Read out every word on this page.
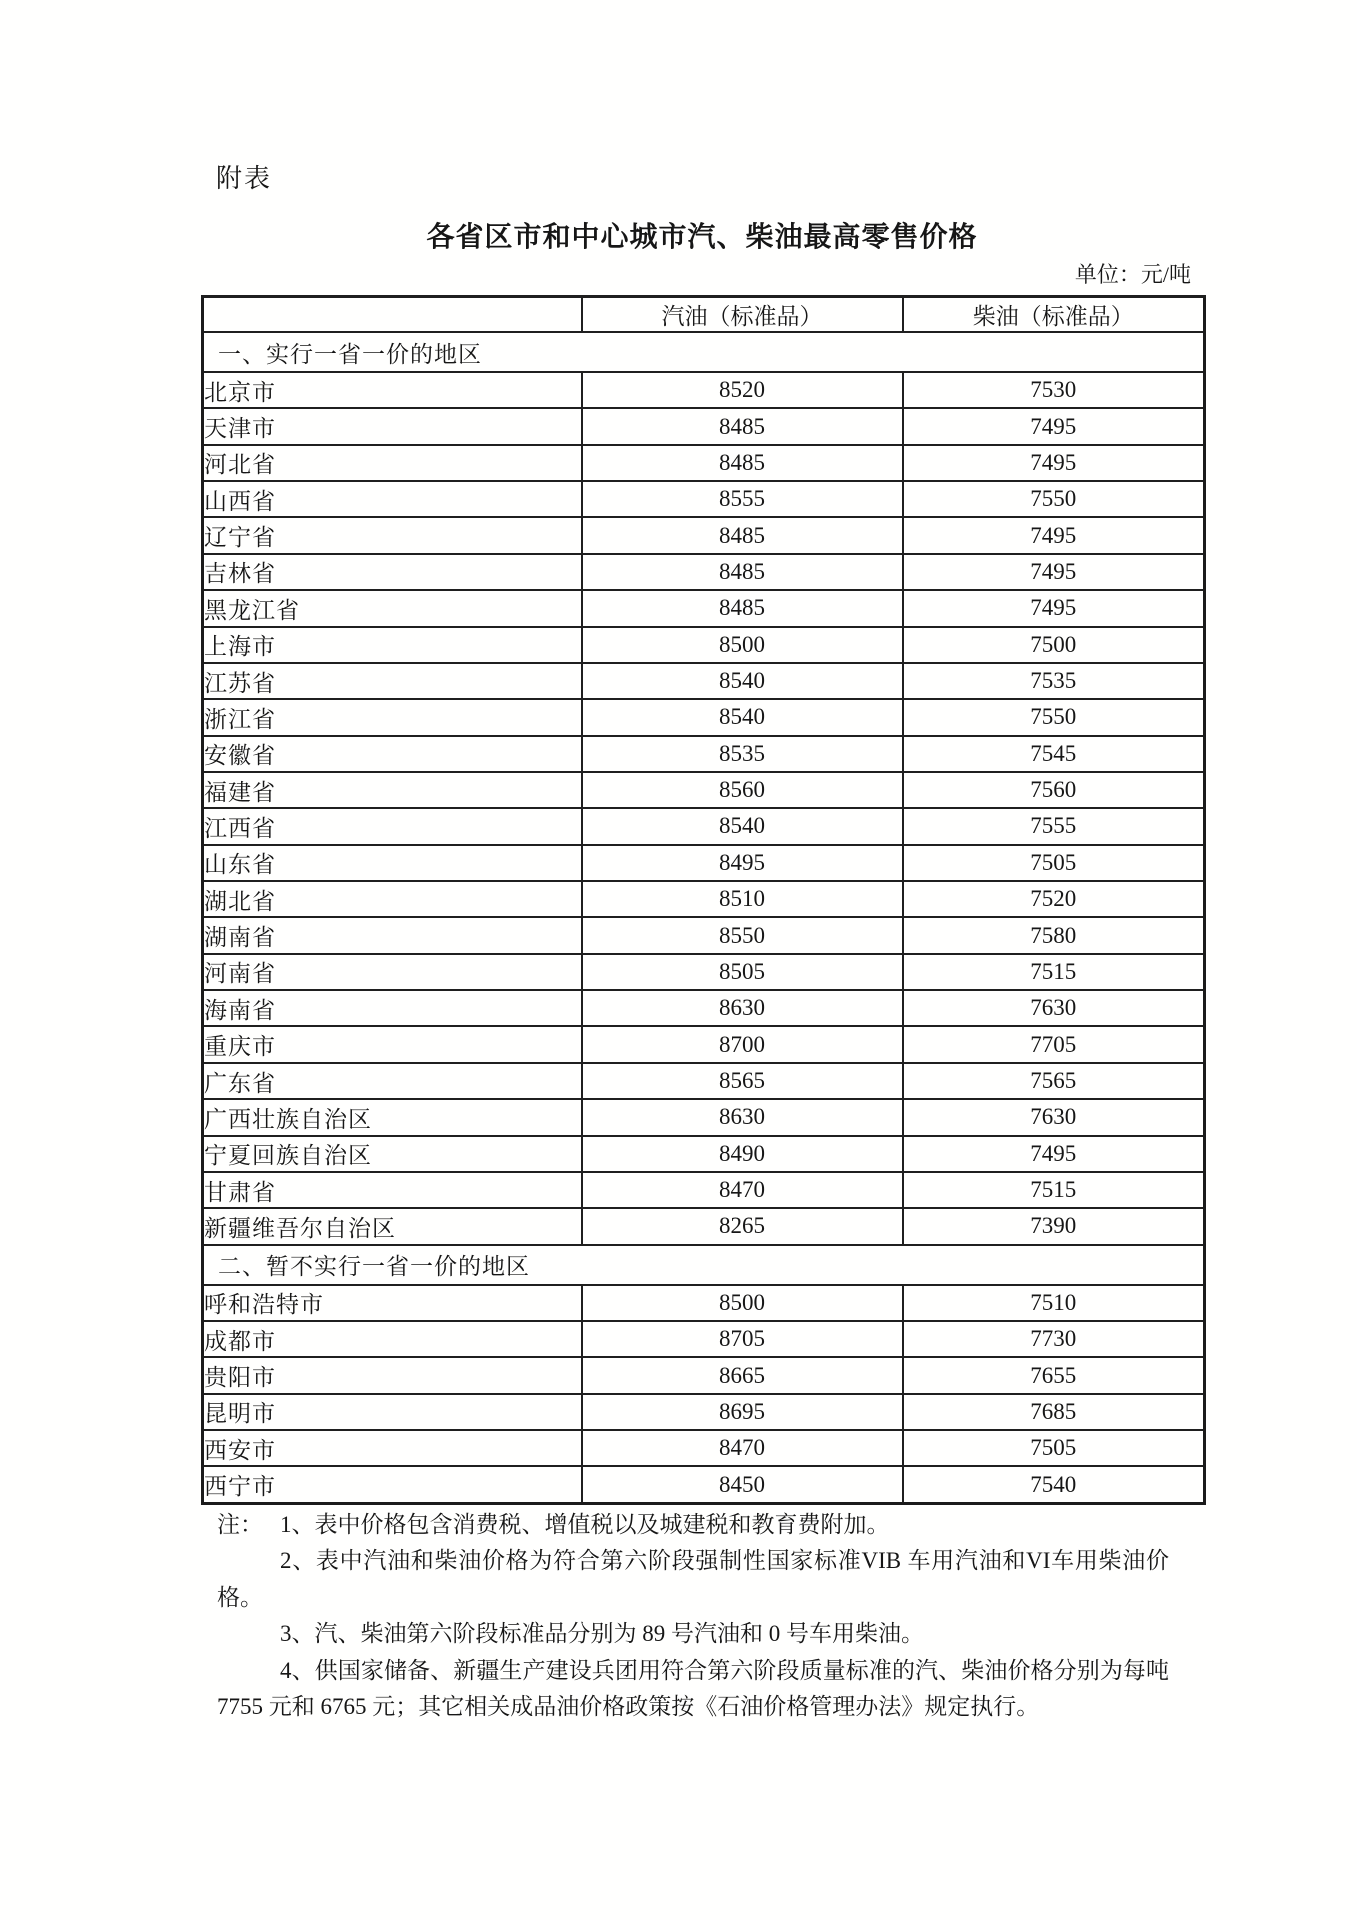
附表
各省区市和中心城市汽、柴油最高零售价格
单位：元/吨
	汽油（标准品）	柴油（标准品）
一、实行一省一价的地区		
北京市	8520	7530
天津市	8485	7495
河北省	8485	7495
山西省	8555	7550
辽宁省	8485	7495
吉林省	8485	7495
黑龙江省	8485	7495
上海市	8500	7500
江苏省	8540	7535
浙江省	8540	7550
安徽省	8535	7545
福建省	8560	7560
江西省	8540	7555
山东省	8495	7505
湖北省	8510	7520
湖南省	8550	7580
河南省	8505	7515
海南省	8630	7630
重庆市	8700	7705
广东省	8565	7565
广西壮族自治区	8630	7630
宁夏回族自治区	8490	7495
甘肃省	8470	7515
新疆维吾尔自治区	8265	7390
二、暂不实行一省一价的地区		
呼和浩特市	8500	7510
成都市	8705	7730
贵阳市	8665	7655
昆明市	8695	7685
西安市	8470	7505
西宁市	8450	7540
注： 1、表中价格包含消费税、增值税以及城建税和教育费附加。

2、表中汽油和柴油价格为符合第六阶段强制性国家标准VIB 车用汽油和VI车用柴油价格。

3、汽、柴油第六阶段标准品分别为 89 号汽油和 0 号车用柴油。

4、供国家储备、新疆生产建设兵团用符合第六阶段质量标准的汽、柴油价格分别为每吨 7755 元和 6765 元；其它相关成品油价格政策按《石油价格管理办法》规定执行。
